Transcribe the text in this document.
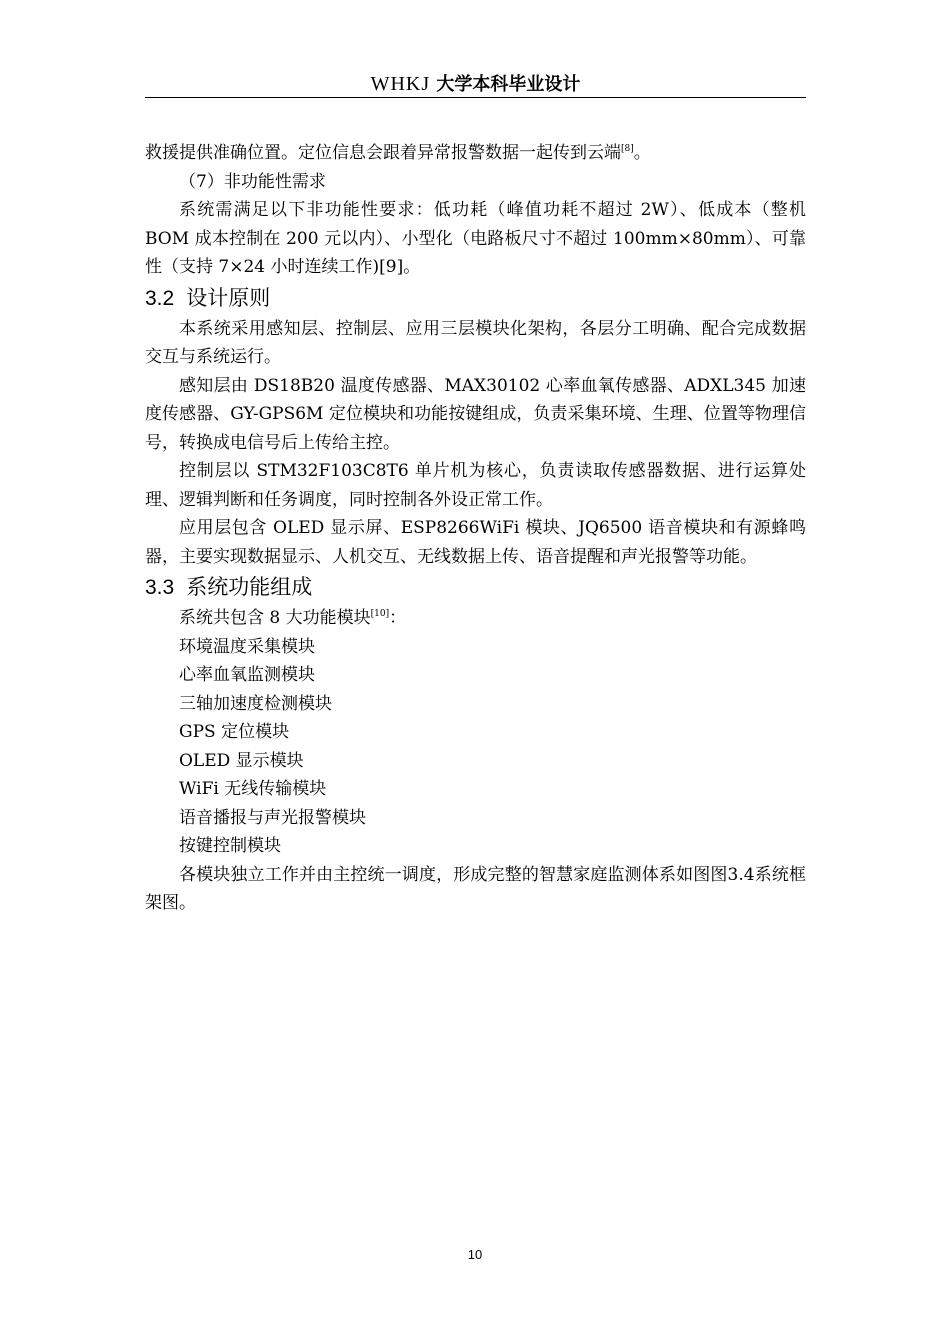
WHKJ 大学本科毕业设计

救援提供准确位置。定位信息会跟着异常报警数据一起传到云端[8]。

（7）非功能性需求

系统需满足以下非功能性要求：低功耗（峰值功耗不超过 2W）、低成本（整机 BOM 成本控制在 200 元以内）、小型化（电路板尺寸不超过 100mm×80mm）、可靠性（支持 7×24 小时连续工作)[9]。

3.2 设计原则

本系统采用感知层、控制层、应用三层模块化架构，各层分工明确、配合完成数据交互与系统运行。

感知层由 DS18B20 温度传感器、MAX30102 心率血氧传感器、ADXL345 加速度传感器、GY-GPS6M 定位模块和功能按键组成，负责采集环境、生理、位置等物理信号，转换成电信号后上传给主控。

控制层以 STM32F103C8T6 单片机为核心，负责读取传感器数据、进行运算处理、逻辑判断和任务调度，同时控制各外设正常工作。

应用层包含 OLED 显示屏、ESP8266WiFi 模块、JQ6500 语音模块和有源蜂鸣器，主要实现数据显示、人机交互、无线数据上传、语音提醒和声光报警等功能。

3.3 系统功能组成

系统共包含 8 大功能模块[10]：

环境温度采集模块

心率血氧监测模块

三轴加速度检测模块

GPS 定位模块

OLED 显示模块

WiFi 无线传输模块

语音播报与声光报警模块

按键控制模块

各模块独立工作并由主控统一调度，形成完整的智慧家庭监测体系如图图3.4系统框架图。

10
